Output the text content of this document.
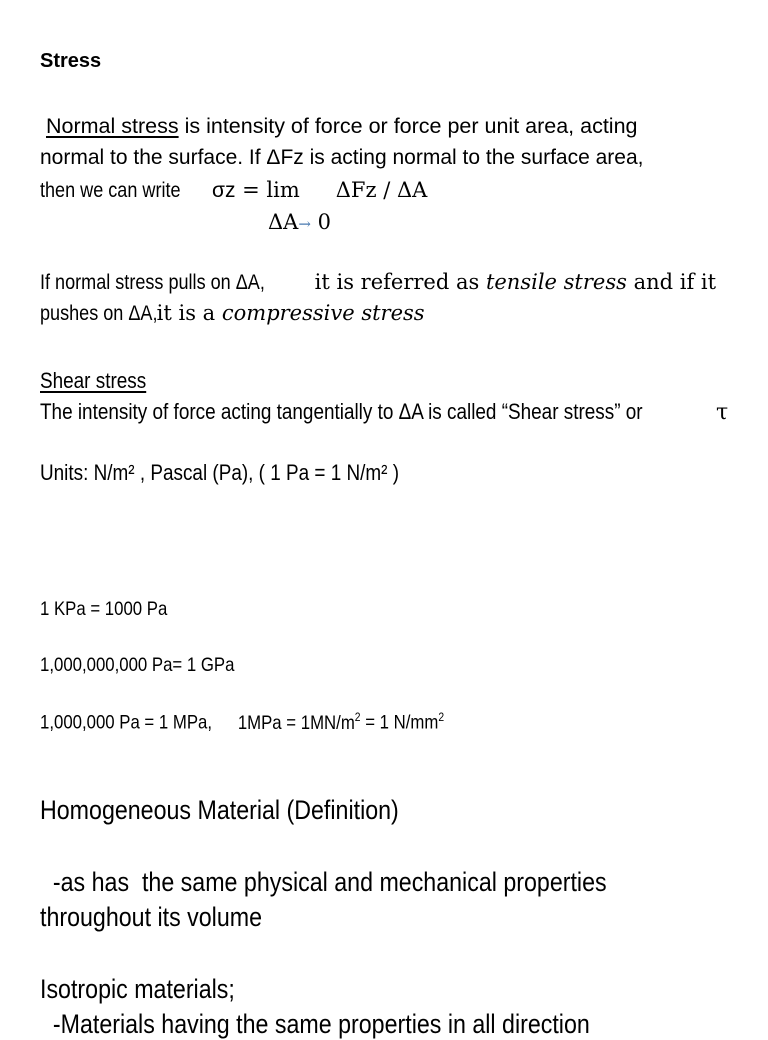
Stress
Normal stress is intensity of force or force per unit area, acting
normal to the surface. If ΔFz is acting normal to the surface area,
then we can write σz = lim ΔFz / ΔA
ΔA→ 0
If normal stress pulls on ΔA, it is referred as tensile stress and if it
pushes on ΔA, it is a compressive stress
Shear stress
The intensity of force acting tangentially to ΔA is called “Shear stress” or	τ
Units: N/m² , Pascal (Pa), ( 1 Pa = 1 N/m² )
1 KPa = 1000 Pa
1,000,000,000 Pa= 1 GPa
1,000,000 Pa = 1 MPa, $1MPa = 1MN/m^2 = 1$ $N/mm^2$
Homogeneous Material (Definition)
-as has  the same physical and mechanical properties
throughout its volume
Isotropic materials;
-Materials having the same properties in all direction
